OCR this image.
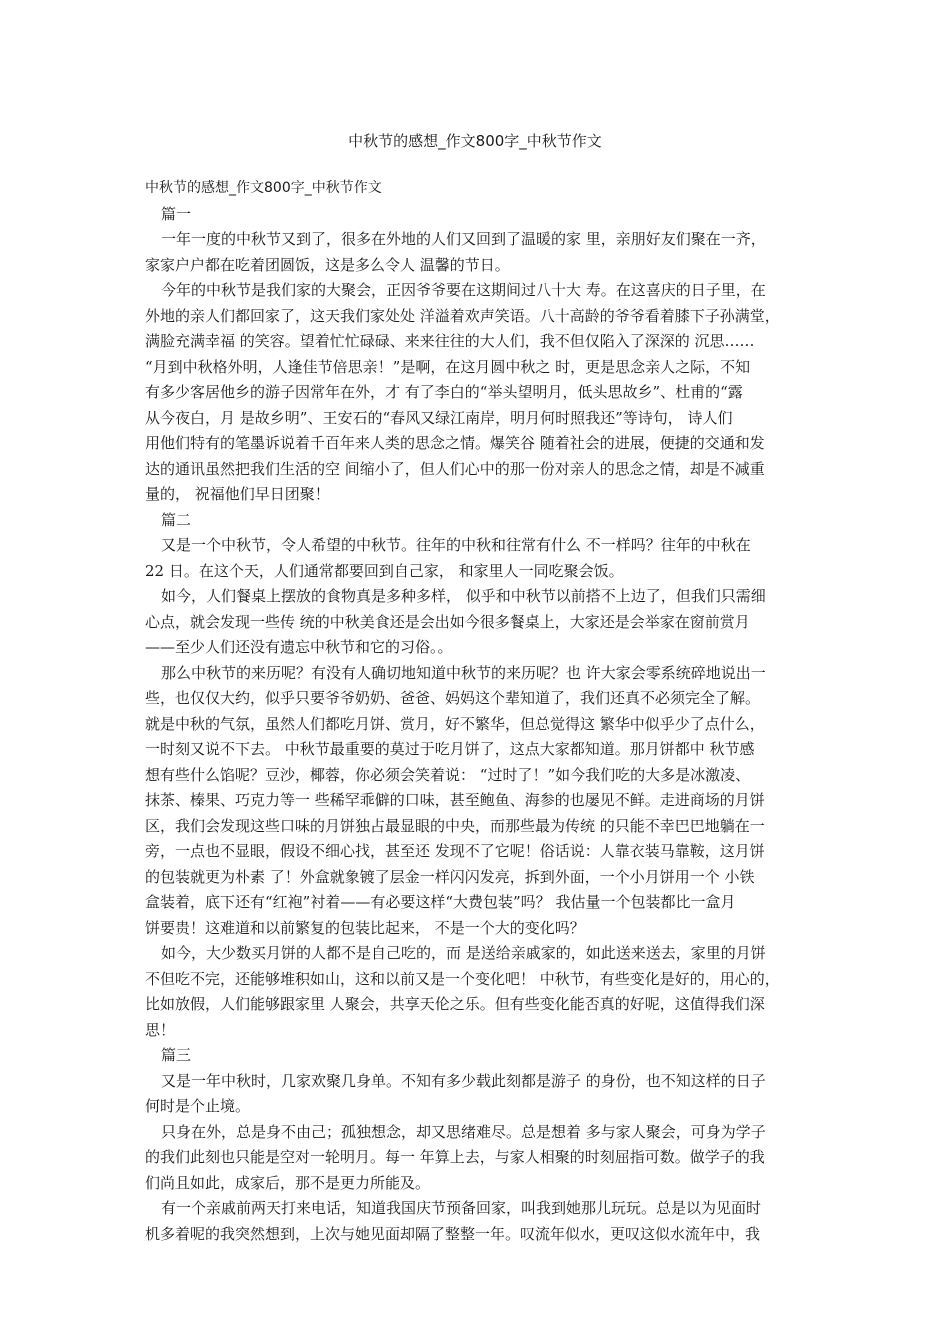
中秋节的感想_作文800字_中秋节作文
中秋节的感想_作文800字_中秋节作文
篇一
一年一度的中秋节又到了，很多在外地的人们又回到了温暖的家 里，亲朋好友们聚在一齐，
家家户户都在吃着团圆饭，这是多么令人 温馨的节日。
今年的中秋节是我们家的大聚会，正因爷爷要在这期间过八十大 寿。在这喜庆的日子里，在
外地的亲人们都回家了，这天我们家处处 洋溢着欢声笑语。八十高龄的爷爷看着膝下子孙满堂，
满脸充满幸福 的笑容。望着忙忙碌碌、来来往往的大人们，我不但仅陷入了深深的 沉思……
“月到中秋格外明，人逢佳节倍思亲！”是啊，在这月圆中秋之 时，更是思念亲人之际，不知
有多少客居他乡的游子因常年在外，才 有了李白的“举头望明月，低头思故乡”、杜甫的“露
从今夜白，月 是故乡明”、王安石的“春风又绿江南岸，明月何时照我还”等诗句， 诗人们
用他们特有的笔墨诉说着千百年来人类的思念之情。爆笑谷 随着社会的进展，便捷的交通和发
达的通讯虽然把我们生活的空 间缩小了，但人们心中的那一份对亲人的思念之情，却是不减重
量的， 祝福他们早日团聚！
篇二
又是一个中秋节，令人希望的中秋节。往年的中秋和往常有什么 不一样吗？往年的中秋在
22 日。在这个天，人们通常都要回到自己家， 和家里人一同吃聚会饭。
如今，人们餐桌上摆放的食物真是多种多样， 似乎和中秋节以前搭不上边了，但我们只需细
心点，就会发现一些传 统的中秋美食还是会出如今很多餐桌上，大家还是会举家在窗前赏月
——至少人们还没有遗忘中秋节和它的习俗。。
那么中秋节的来历呢？有没有人确切地知道中秋节的来历呢？也 许大家会零系统碎地说出一
些，也仅仅大约，似乎只要爷爷奶奶、爸爸、妈妈这个辈知道了，我们还真不必须完全了解。
就是中秋的气氛，虽然人们都吃月饼、赏月，好不繁华，但总觉得这 繁华中似乎少了点什么，
一时刻又说不下去。 中秋节最重要的莫过于吃月饼了，这点大家都知道。那月饼都中 秋节感
想有些什么馅呢？豆沙，椰蓉，你必须会笑着说： “过时了！”如今我们吃的大多是冰激凌、
抹茶、榛果、巧克力等一 些稀罕乖僻的口味，甚至鲍鱼、海参的也屡见不鲜。走进商场的月饼
区，我们会发现这些口味的月饼独占最显眼的中央，而那些最为传统 的只能不幸巴巴地躺在一
旁，一点也不显眼，假设不细心找，甚至还 发现不了它呢！俗话说：人靠衣装马靠鞍，这月饼
的包装就更为朴素 了！外盒就象镀了层金一样闪闪发亮，拆到外面，一个小月饼用一个 小铁
盒装着，底下还有“红袍”衬着——有必要这样“大费包装”吗？ 我估量一个包装都比一盒月
饼要贵！这难道和以前繁复的包装比起来， 不是一个大的变化吗？
如今，大少数买月饼的人都不是自己吃的，而 是送给亲戚家的，如此送来送去，家里的月饼
不但吃不完，还能够堆积如山，这和以前又是一个变化吧！ 中秋节，有些变化是好的，用心的，
比如放假，人们能够跟家里 人聚会，共享天伦之乐。但有些变化能否真的好呢，这值得我们深
思！
篇三
又是一年中秋时，几家欢聚几身单。不知有多少载此刻都是游子 的身份，也不知这样的日子
何时是个止境。
只身在外，总是身不由己；孤独想念，却又思绪难尽。总是想着 多与家人聚会，可身为学子
的我们此刻也只能是空对一轮明月。每一 年算上去，与家人相聚的时刻屈指可数。做学子的我
们尚且如此，成家后，那不是更力所能及。
有一个亲戚前两天打来电话，知道我国庆节预备回家，叫我到她那儿玩玩。总是以为见面时
机多着呢的我突然想到，上次与她见面却隔了整整一年。叹流年似水，更叹这似水流年中，我
